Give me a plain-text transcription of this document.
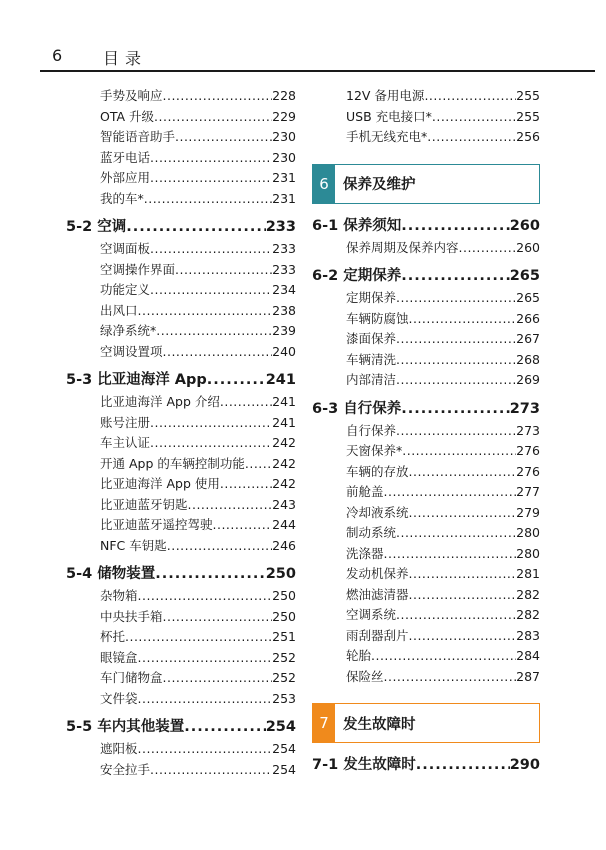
6	目录
手势及响应 .....	228
OTA 升级 .....	229
智能语音助手 .....	230
蓝牙电话 .....	230
外部应用 .....	231
我的车* .....	231
5-2 空调 .....	233
空调面板 .....	233
空调操作界面 .....	233
功能定义 .....	234
出风口 .....	238
绿净系统* .....	239
空调设置项 .....	240
5-3 比亚迪海洋 App .....	241
比亚迪海洋 App 介绍 .....	241
账号注册 .....	241
车主认证 .....	242
开通 App 的车辆控制功能 ..... 242
比亚迪海洋 App 使用 .....	242
比亚迪蓝牙钥匙 .....	243
比亚迪蓝牙遥控驾驶 .....	244
NFC 车钥匙 .....	246
5-4 储物装置 .....	250
杂物箱 .....	250
中央扶手箱 .....	250
杯托 .....	251
眼镜盒 .....	252
车门储物盒 .....	252
文件袋 .....	253
5-5 车内其他装置 .....	254
遮阳板 .....	254
安全拉手 .....	254
12V 备用电源 .....	255
USB 充电接口* .....	255
手机无线充电* .....	256
6 保养及维护
6-1 保养须知 .....	260
保养周期及保养内容 .....	260
6-2 定期保养 .....	265
定期保养 .....	265
车辆防腐蚀 .....	266
漆面保养 .....	267
车辆清洗 .....	268
内部清洁 .....	269
6-3 自行保养 .....	273
自行保养 .....	273
天窗保养* .....	276
车辆的存放 .....	276
前舱盖 .....	277
冷却液系统 .....	279
制动系统 .....	280
洗涤器 .....	280
发动机保养 .....	281
燃油滤清器 .....	282
空调系统 .....	282
雨刮器刮片 .....	283
轮胎 .....	284
保险丝 .....	287
7 发生故障时
7-1 发生故障时 .....	290
